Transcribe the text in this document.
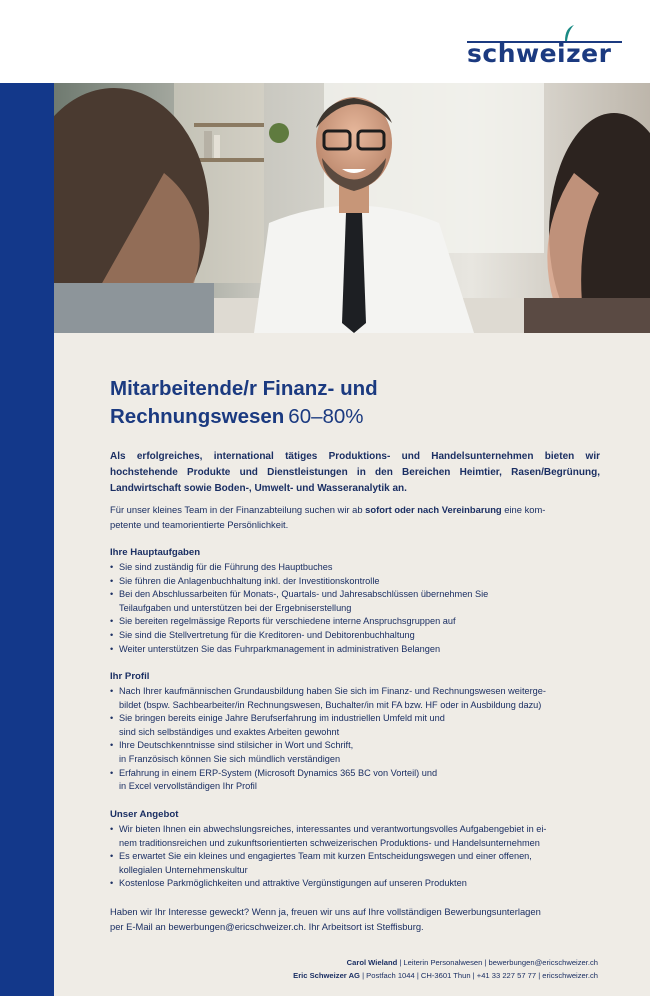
schweizer
Mitarbeitende/r Finanz- und
Rechnungswesen 60–80%

Als erfolgreiches, international tätiges Produktions- und Handelsunternehmen bieten wir hochstehende Produkte und Dienstleistungen in den Bereichen Heimtier, Rasen/Begrünung, Landwirtschaft sowie Boden-, Umwelt- und Wasseranalytik an.

Für unser kleines Team in der Finanzabteilung suchen wir ab sofort oder nach Vereinbarung eine kom-
petente und teamorientierte Persönlichkeit.

Ihre Hauptaufgaben
• Sie sind zuständig für die Führung des Hauptbuches
• Sie führen die Anlagenbuchhaltung inkl. der Investitionskontrolle
• Bei den Abschlussarbeiten für Monats-, Quartals- und Jahresabschlüssen übernehmen Sie
Teilaufgaben und unterstützen bei der Ergebniserstellung
• Sie bereiten regelmässige Reports für verschiedene interne Anspruchsgruppen auf
• Sie sind die Stellvertretung für die Kreditoren- und Debitorenbuchhaltung
• Weiter unterstützen Sie das Fuhrparkmanagement in administrativen Belangen
Ihr Profil
• Nach Ihrer kaufmännischen Grundausbildung haben Sie sich im Finanz- und Rechnungswesen weiterge-
bildet (bspw. Sachbearbeiter/in Rechnungswesen, Buchalter/in mit FA bzw. HF oder in Ausbildung dazu)
• Sie bringen bereits einige Jahre Berufserfahrung im industriellen Umfeld mit und
sind sich selbständiges und exaktes Arbeiten gewohnt
• Ihre Deutschkenntnisse sind stilsicher in Wort und Schrift,
in Französisch können Sie sich mündlich verständigen
• Erfahrung in einem ERP-System (Microsoft Dynamics 365 BC von Vorteil) und
in Excel vervollständigen Ihr Profil
Unser Angebot
• Wir bieten Ihnen ein abwechslungsreiches, interessantes und verantwortungsvolles Aufgabengebiet in ei-
nem traditionsreichen und zukunftsorientierten schweizerischen Produktions- und Handelsunternehmen
• Es erwartet Sie ein kleines und engagiertes Team mit kurzen Entscheidungswegen und einer offenen,
kollegialen Unternehmenskultur
• Kostenlose Parkmöglichkeiten und attraktive Vergünstigungen auf unseren Produkten

Haben wir Ihr Interesse geweckt? Wenn ja, freuen wir uns auf Ihre vollständigen Bewerbungsunterlagen
per E-Mail an bewerbungen@ericschweizer.ch. Ihr Arbeitsort ist Steffisburg.

Carol Wieland | Leiterin Personalwesen | bewerbungen@ericschweizer.ch
Eric Schweizer AG | Postfach 1044 | CH-3601 Thun | +41 33 227 57 77 | ericschweizer.ch
